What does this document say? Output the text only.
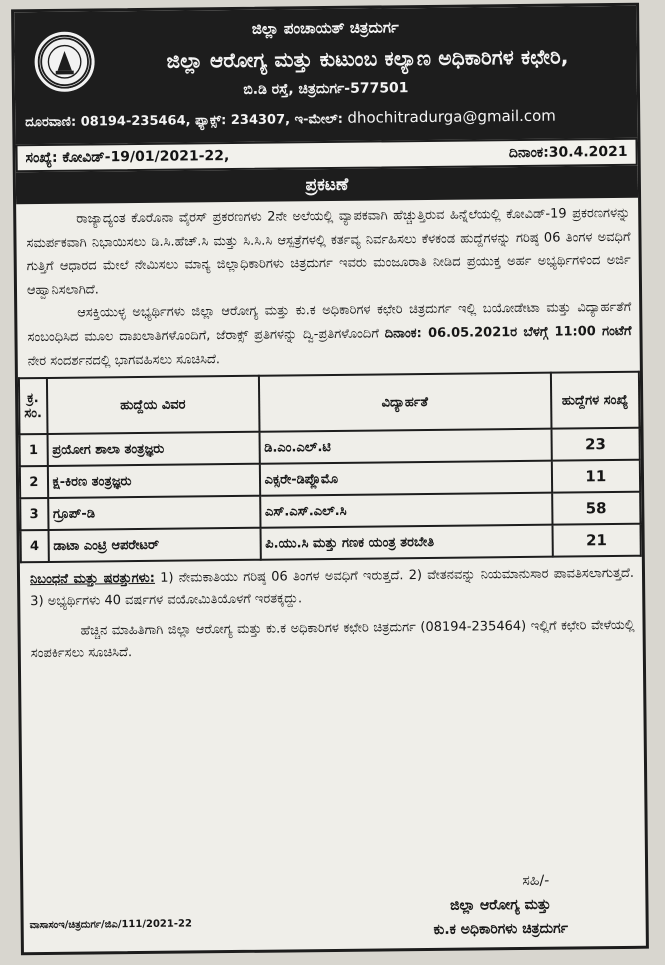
ಜಿಲ್ಲಾ ಪಂಚಾಯತ್ ಚಿತ್ರದುರ್ಗ
ಜಿಲ್ಲಾ ಆರೋಗ್ಯ ಮತ್ತು ಕುಟುಂಬ ಕಲ್ಯಾಣ ಅಧಿಕಾರಿಗಳ ಕಛೇರಿ,
ಬಿ.ಡಿ ರಸ್ತೆ, ಚಿತ್ರದುರ್ಗ-577501
ದೂರವಾಣಿ: 08194-235464, ಫ್ಯಾಕ್ಸ್: 234307, ಇ-ಮೇಲ್: dhochitradurga@gmail.com
ಸಂಖ್ಯೆ: ಕೋವಿಡ್-19/01/2021-22,	ದಿನಾಂಕ:30.4.2021
ಪ್ರಕಟಣೆ

ರಾಜ್ಯಾದ್ಯಂತ ಕೊರೊನಾ ವೈರಸ್ ಪ್ರಕರಣಗಳು 2ನೇ ಅಲೆಯಲ್ಲಿ ವ್ಯಾಪಕವಾಗಿ ಹೆಚ್ಚುತ್ತಿರುವ ಹಿನ್ನೆಲೆಯಲ್ಲಿ ಕೋವಿಡ್-19 ಪ್ರಕರಣಗಳನ್ನು ಸಮರ್ಪಕವಾಗಿ ನಿಭಾಯಿಸಲು ಡಿ.ಸಿ.ಹೆಚ್.ಸಿ ಮತ್ತು ಸಿ.ಸಿ.ಸಿ ಆಸ್ಪತ್ರೆಗಳಲ್ಲಿ ಕರ್ತವ್ಯ ನಿರ್ವಹಿಸಲು ಕೆಳಕಂಡ ಹುದ್ದೆಗಳನ್ನು ಗರಿಷ್ಠ 06 ತಿಂಗಳ ಅವಧಿಗೆ ಗುತ್ತಿಗೆ ಆಧಾರದ ಮೇಲೆ ನೇಮಿಸಲು ಮಾನ್ಯ ಜಿಲ್ಲಾಧಿಕಾರಿಗಳು ಚಿತ್ರದುರ್ಗ ಇವರು ಮಂಜೂರಾತಿ ನೀಡಿದ ಪ್ರಯುಕ್ತ ಅರ್ಹ ಅಭ್ಯರ್ಥಿಗಳಿಂದ ಅರ್ಜಿ ಆಹ್ವಾನಿಸಲಾಗಿದೆ.

ಆಸಕ್ತಿಯುಳ್ಳ ಅಭ್ಯರ್ಥಿಗಳು ಜಿಲ್ಲಾ ಆರೋಗ್ಯ ಮತ್ತು ಕು.ಕ ಅಧಿಕಾರಿಗಳ ಕಛೇರಿ ಚಿತ್ರದುರ್ಗ ಇಲ್ಲಿ ಬಯೋಡೇಟಾ ಮತ್ತು ವಿದ್ಯಾರ್ಹತೆಗೆ ಸಂಬಂಧಿಸಿದ ಮೂಲ ದಾಖಲಾತಿಗಳೊಂದಿಗೆ, ಜೆರಾಕ್ಸ್ ಪ್ರತಿಗಳನ್ನು ದ್ವಿ-ಪ್ರತಿಗಳೊಂದಿಗೆ ದಿನಾಂಕ: 06.05.2021ರ ಬೆಳಗ್ಗೆ 11:00 ಗಂಟೆಗೆ ನೇರ ಸಂದರ್ಶನದಲ್ಲಿ ಭಾಗವಹಿಸಲು ಸೂಚಿಸಿದೆ.

ಕ್ರ. ಸಂ.	ಹುದ್ದೆಯ ವಿವರ	ವಿದ್ಯಾರ್ಹತೆ	ಹುದ್ದೆಗಳ ಸಂಖ್ಯೆ
1	ಪ್ರಯೋಗ ಶಾಲಾ ತಂತ್ರಜ್ಞರು	ಡಿ.ಎಂ.ಎಲ್.ಟಿ	23
2	ಕ್ಷ-ಕಿರಣ ತಂತ್ರಜ್ಞರು	ಎಕ್ಸರೇ-ಡಿಪ್ಲೊಮೊ	11
3	ಗ್ರೂಪ್-ಡಿ	ಎಸ್.ಎಸ್.ಎಲ್.ಸಿ	58
4	ಡಾಟಾ ಎಂಟ್ರಿ ಆಪರೇಟರ್	ಪಿ.ಯು.ಸಿ ಮತ್ತು ಗಣಕ ಯಂತ್ರ ತರಬೇತಿ	21
ನಿಬಂಧನೆ ಮತ್ತು ಷರತ್ತುಗಳು: 1) ನೇಮಕಾತಿಯು ಗರಿಷ್ಠ 06 ತಿಂಗಳ ಅವಧಿಗೆ ಇರುತ್ತದೆ. 2) ವೇತನವನ್ನು ನಿಯಮಾನುಸಾರ ಪಾವತಿಸಲಾಗುತ್ತದೆ. 3) ಅಭ್ಯರ್ಥಿಗಳು 40 ವರ್ಷಗಳ ವಯೋಮಿತಿಯೊಳಗೆ ಇರತಕ್ಕದ್ದು.

ಹೆಚ್ಚಿನ ಮಾಹಿತಿಗಾಗಿ ಜಿಲ್ಲಾ ಆರೋಗ್ಯ ಮತ್ತು ಕು.ಕ ಅಧಿಕಾರಿಗಳ ಕಛೇರಿ ಚಿತ್ರದುರ್ಗ (08194-235464) ಇಲ್ಲಿಗೆ ಕಛೇರಿ ವೇಳೆಯಲ್ಲಿ ಸಂಪರ್ಕಿಸಲು ಸೂಚಿಸಿದೆ.

ಸಹಿ/-
ಜಿಲ್ಲಾ ಆರೋಗ್ಯ ಮತ್ತು
ಕು.ಕ ಅಧಿಕಾರಿಗಳು ಚಿತ್ರದುರ್ಗ
ವಾಸಾಸಂಇ/ಚಿತ್ರದುರ್ಗ/ಜಿಎ/111/2021-22
